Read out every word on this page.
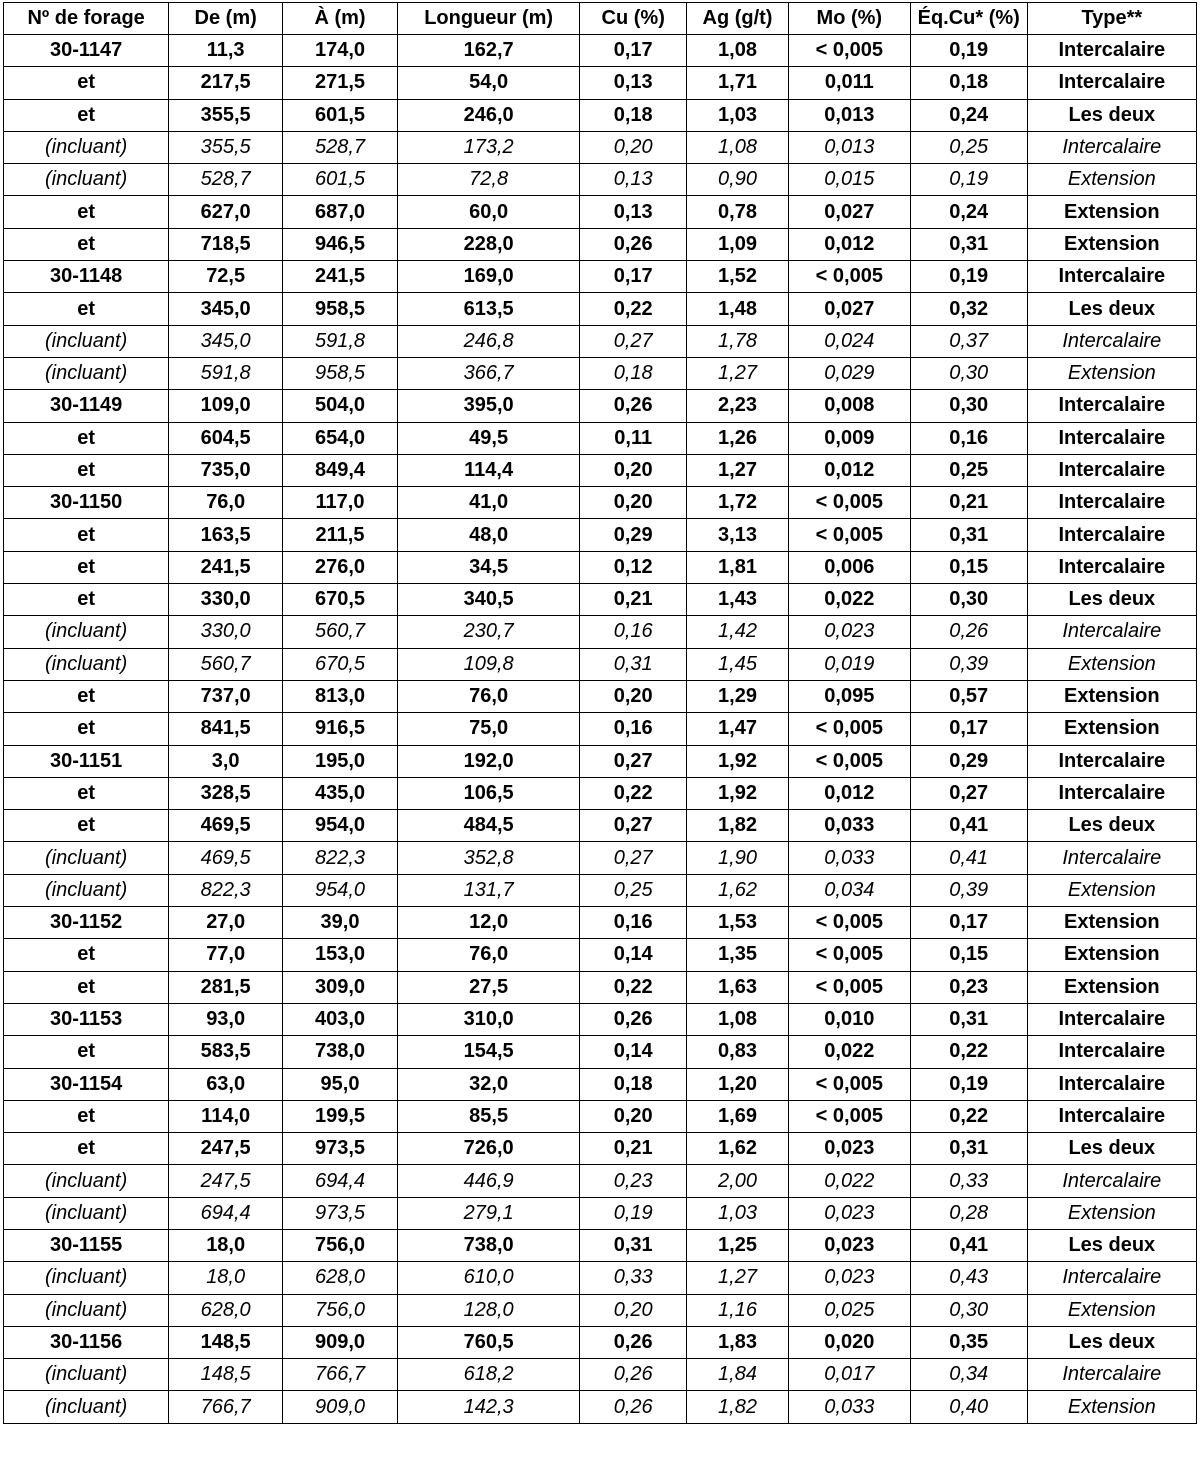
Nº de forage	De (m)	À (m)	Longueur (m)	Cu (%)	Ag (g/t)	Mo (%)	Éq.Cu* (%)	Type**
30-1147	11,3	174,0	162,7	0,17	1,08	< 0,005	0,19	Intercalaire
et	217,5	271,5	54,0	0,13	1,71	0,011	0,18	Intercalaire
et	355,5	601,5	246,0	0,18	1,03	0,013	0,24	Les deux
(incluant)	355,5	528,7	173,2	0,20	1,08	0,013	0,25	Intercalaire
(incluant)	528,7	601,5	72,8	0,13	0,90	0,015	0,19	Extension
et	627,0	687,0	60,0	0,13	0,78	0,027	0,24	Extension
et	718,5	946,5	228,0	0,26	1,09	0,012	0,31	Extension
30-1148	72,5	241,5	169,0	0,17	1,52	< 0,005	0,19	Intercalaire
et	345,0	958,5	613,5	0,22	1,48	0,027	0,32	Les deux
(incluant)	345,0	591,8	246,8	0,27	1,78	0,024	0,37	Intercalaire
(incluant)	591,8	958,5	366,7	0,18	1,27	0,029	0,30	Extension
30-1149	109,0	504,0	395,0	0,26	2,23	0,008	0,30	Intercalaire
et	604,5	654,0	49,5	0,11	1,26	0,009	0,16	Intercalaire
et	735,0	849,4	114,4	0,20	1,27	0,012	0,25	Intercalaire
30-1150	76,0	117,0	41,0	0,20	1,72	< 0,005	0,21	Intercalaire
et	163,5	211,5	48,0	0,29	3,13	< 0,005	0,31	Intercalaire
et	241,5	276,0	34,5	0,12	1,81	0,006	0,15	Intercalaire
et	330,0	670,5	340,5	0,21	1,43	0,022	0,30	Les deux
(incluant)	330,0	560,7	230,7	0,16	1,42	0,023	0,26	Intercalaire
(incluant)	560,7	670,5	109,8	0,31	1,45	0,019	0,39	Extension
et	737,0	813,0	76,0	0,20	1,29	0,095	0,57	Extension
et	841,5	916,5	75,0	0,16	1,47	< 0,005	0,17	Extension
30-1151	3,0	195,0	192,0	0,27	1,92	< 0,005	0,29	Intercalaire
et	328,5	435,0	106,5	0,22	1,92	0,012	0,27	Intercalaire
et	469,5	954,0	484,5	0,27	1,82	0,033	0,41	Les deux
(incluant)	469,5	822,3	352,8	0,27	1,90	0,033	0,41	Intercalaire
(incluant)	822,3	954,0	131,7	0,25	1,62	0,034	0,39	Extension
30-1152	27,0	39,0	12,0	0,16	1,53	< 0,005	0,17	Extension
et	77,0	153,0	76,0	0,14	1,35	< 0,005	0,15	Extension
et	281,5	309,0	27,5	0,22	1,63	< 0,005	0,23	Extension
30-1153	93,0	403,0	310,0	0,26	1,08	0,010	0,31	Intercalaire
et	583,5	738,0	154,5	0,14	0,83	0,022	0,22	Intercalaire
30-1154	63,0	95,0	32,0	0,18	1,20	< 0,005	0,19	Intercalaire
et	114,0	199,5	85,5	0,20	1,69	< 0,005	0,22	Intercalaire
et	247,5	973,5	726,0	0,21	1,62	0,023	0,31	Les deux
(incluant)	247,5	694,4	446,9	0,23	2,00	0,022	0,33	Intercalaire
(incluant)	694,4	973,5	279,1	0,19	1,03	0,023	0,28	Extension
30-1155	18,0	756,0	738,0	0,31	1,25	0,023	0,41	Les deux
(incluant)	18,0	628,0	610,0	0,33	1,27	0,023	0,43	Intercalaire
(incluant)	628,0	756,0	128,0	0,20	1,16	0,025	0,30	Extension
30-1156	148,5	909,0	760,5	0,26	1,83	0,020	0,35	Les deux
(incluant)	148,5	766,7	618,2	0,26	1,84	0,017	0,34	Intercalaire
(incluant)	766,7	909,0	142,3	0,26	1,82	0,033	0,40	Extension
